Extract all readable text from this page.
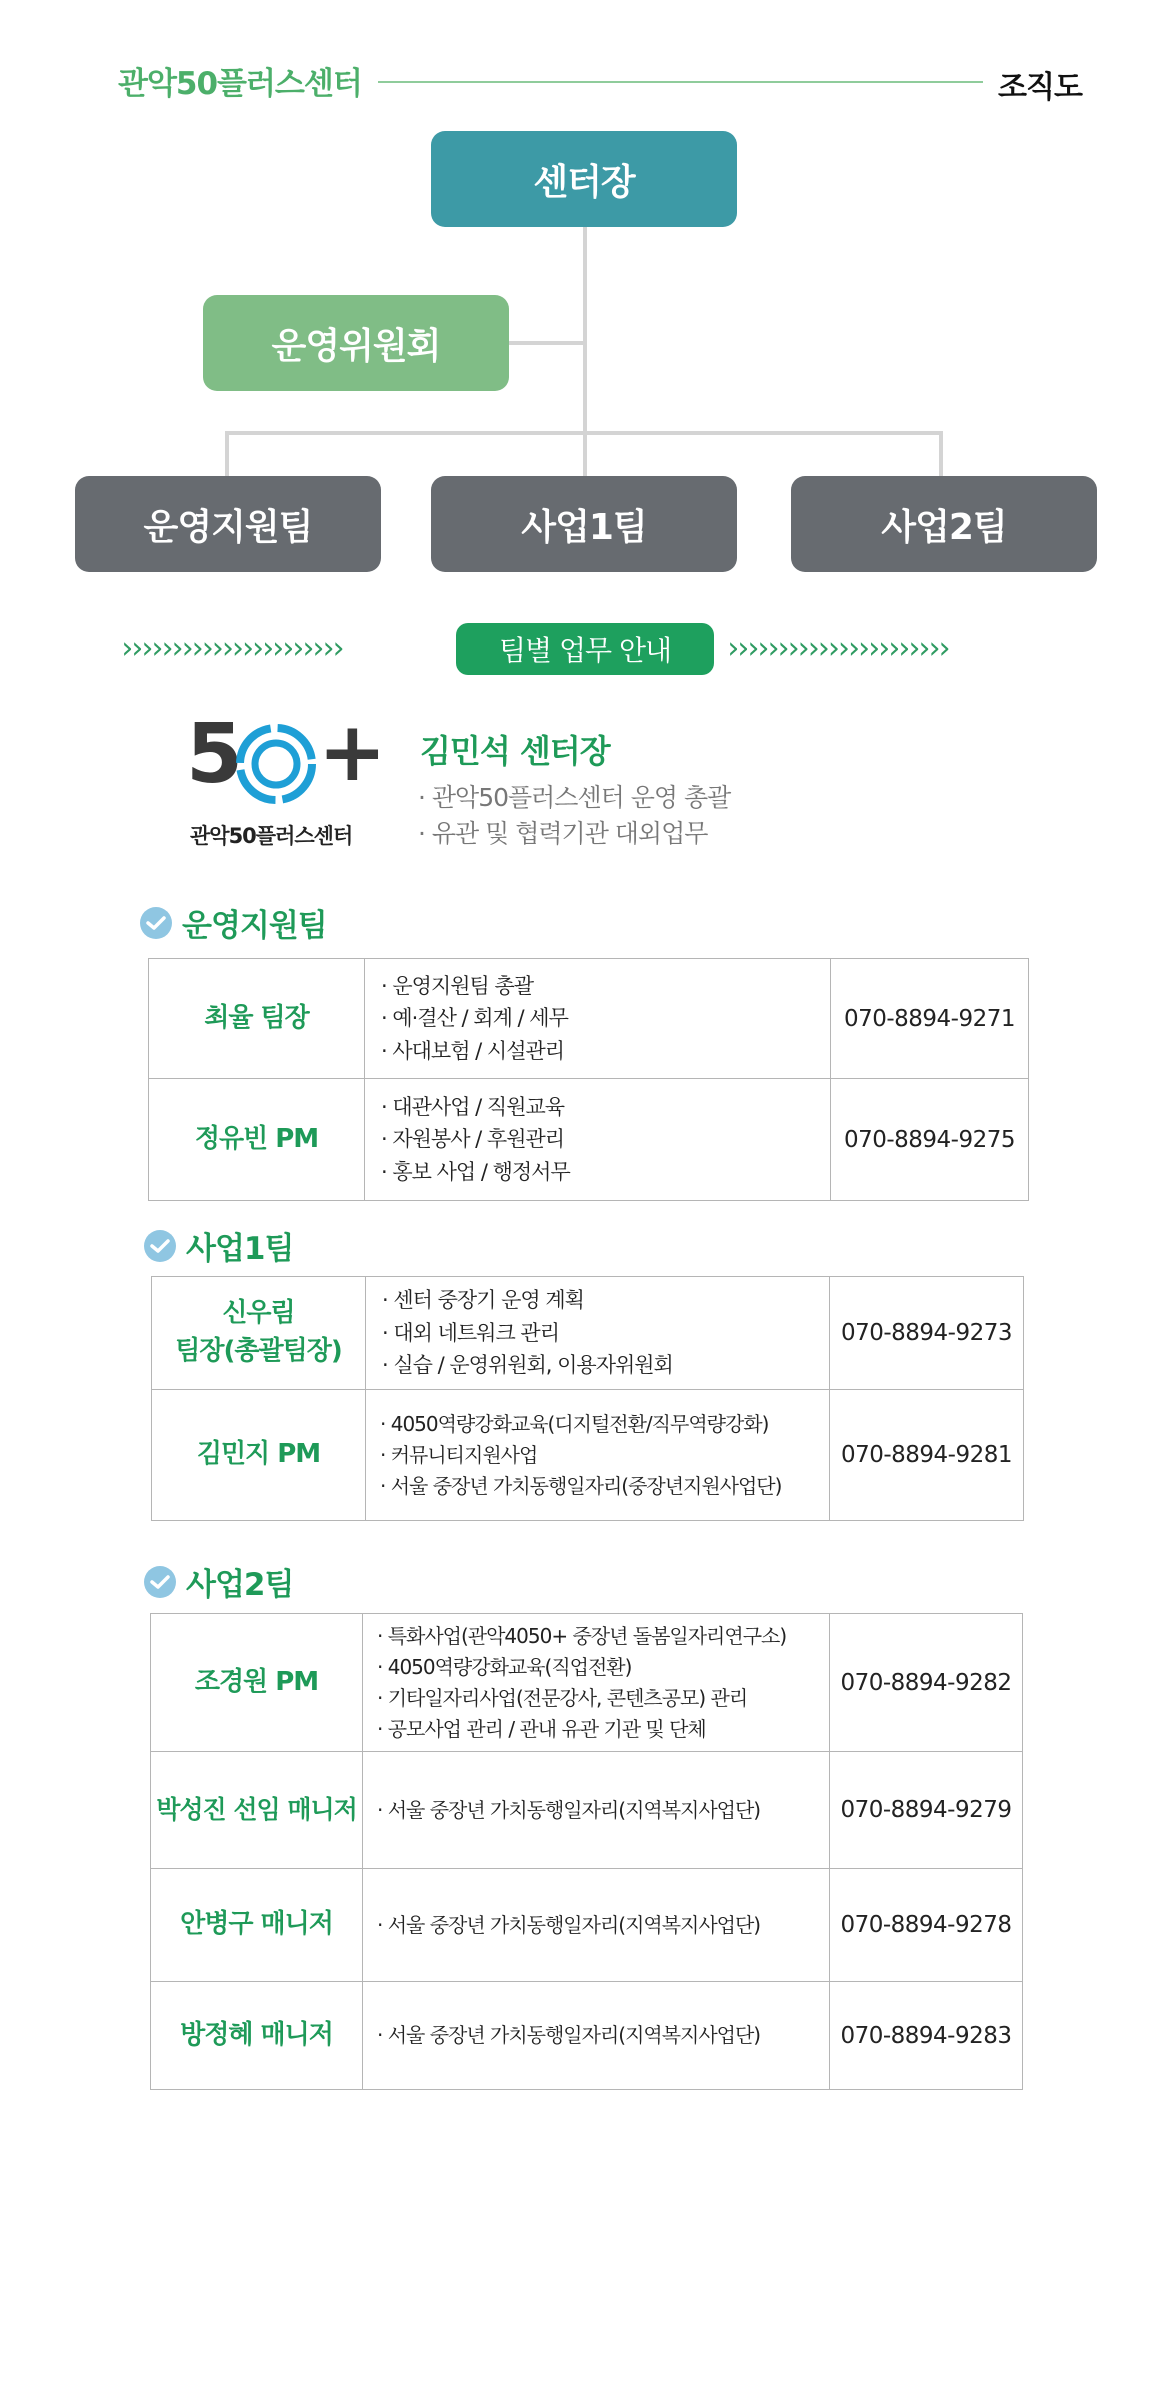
관악50플러스센터	조직도
센터장
운영위원회
운영지원팀	사업1팀	사업2팀
››››››››››››››››››››››	팀별 업무 안내	››››››››››››››››››››››
5 +
관악50플러스센터
김민석 센터장
· 관악50플러스센터 운영 총괄
· 유관 및 협력기관 대외업무
운영지원팀
최율 팀장	· 운영지원팀 총괄
· 예·결산 / 회계 / 세무
· 사대보험 / 시설관리	070-8894-9271
정유빈 PM	· 대관사업 / 직원교육
· 자원봉사 / 후원관리
· 홍보 사업 / 행정서무	070-8894-9275
사업1팀
신우림
팀장(총괄팀장)	· 센터 중장기 운영 계획
· 대외 네트워크 관리
· 실습 / 운영위원회, 이용자위원회	070-8894-9273
김민지 PM	· 4050역량강화교육(디지털전환/직무역량강화)
· 커뮤니티지원사업
· 서울 중장년 가치동행일자리(중장년지원사업단)	070-8894-9281
사업2팀
조경원 PM	· 특화사업(관악4050+ 중장년 돌봄일자리연구소)
· 4050역량강화교육(직업전환)
· 기타일자리사업(전문강사, 콘텐츠공모) 관리
· 공모사업 관리 / 관내 유관 기관 및 단체	070-8894-9282
박성진 선임 매니저	· 서울 중장년 가치동행일자리(지역복지사업단)	070-8894-9279
안병구 매니저	· 서울 중장년 가치동행일자리(지역복지사업단)	070-8894-9278
방정혜 매니저	· 서울 중장년 가치동행일자리(지역복지사업단)	070-8894-9283
